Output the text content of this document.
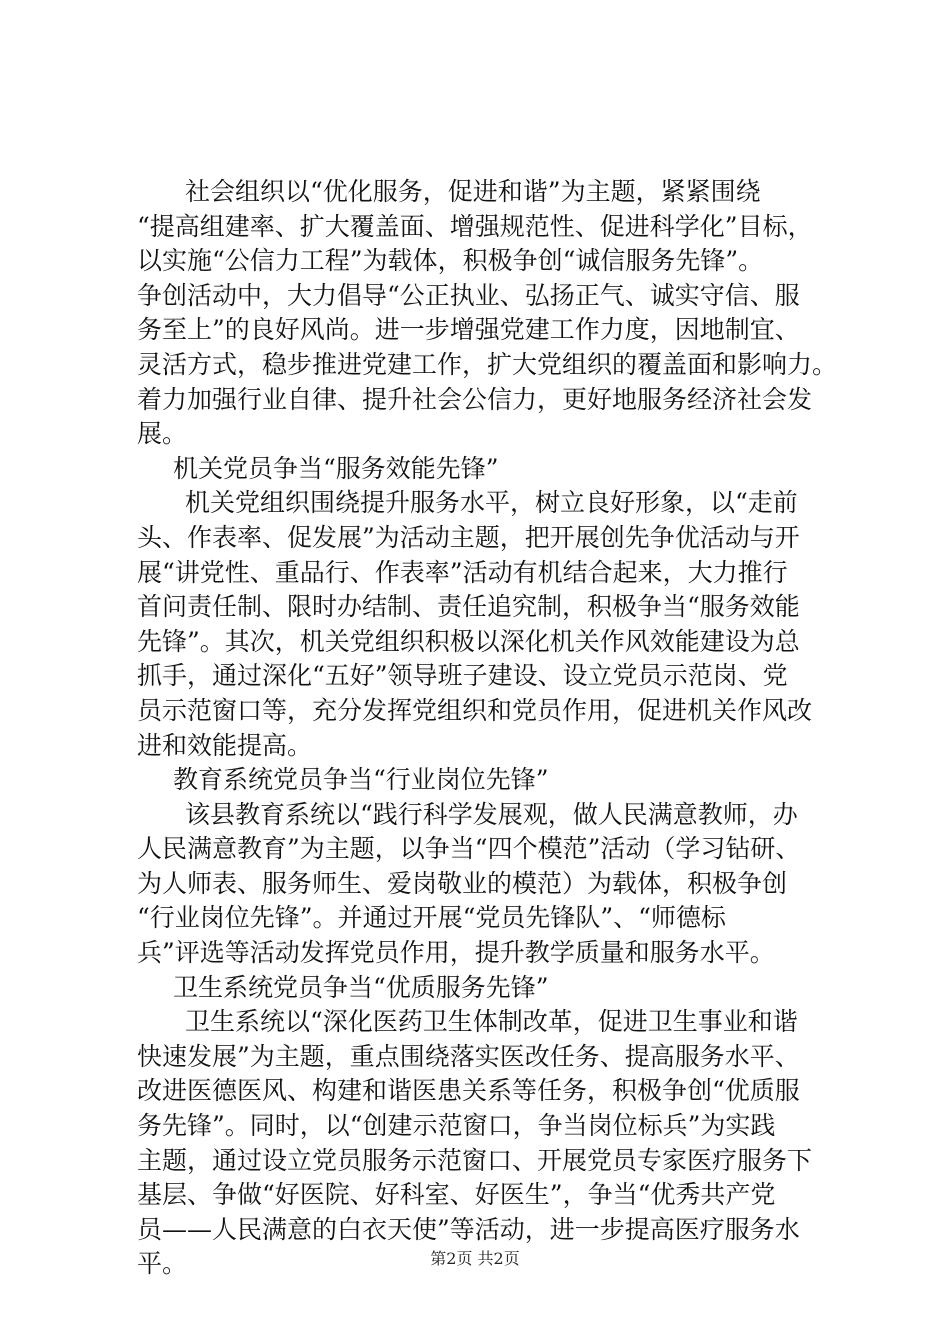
社会组织以“优化服务，促进和谐”为主题，紧紧围绕
“提高组建率、扩大覆盖面、增强规范性、促进科学化”目标，
以实施“公信力工程”为载体，积极争创“诚信服务先锋”。
争创活动中，大力倡导“公正执业、弘扬正气、诚实守信、服
务至上”的良好风尚。进一步增强党建工作力度，因地制宜、
灵活方式，稳步推进党建工作，扩大党组织的覆盖面和影响力。
着力加强行业自律、提升社会公信力，更好地服务经济社会发
展。
机关党员争当“服务效能先锋”
机关党组织围绕提升服务水平，树立良好形象，以“走前
头、作表率、促发展”为活动主题，把开展创先争优活动与开
展“讲党性、重品行、作表率”活动有机结合起来，大力推行
首问责任制、限时办结制、责任追究制，积极争当“服务效能
先锋”。其次，机关党组织积极以深化机关作风效能建设为总
抓手，通过深化“五好”领导班子建设、设立党员示范岗、党
员示范窗口等，充分发挥党组织和党员作用，促进机关作风改
进和效能提高。
教育系统党员争当“行业岗位先锋”
该县教育系统以“践行科学发展观，做人民满意教师，办
人民满意教育”为主题，以争当“四个模范”活动（学习钻研、
为人师表、服务师生、爱岗敬业的模范）为载体，积极争创
“行业岗位先锋”。并通过开展“党员先锋队”、“师德标
兵”评选等活动发挥党员作用，提升教学质量和服务水平。
卫生系统党员争当“优质服务先锋”
卫生系统以“深化医药卫生体制改革，促进卫生事业和谐
快速发展”为主题，重点围绕落实医改任务、提高服务水平、
改进医德医风、构建和谐医患关系等任务，积极争创“优质服
务先锋”。同时，以“创建示范窗口，争当岗位标兵”为实践
主题，通过设立党员服务示范窗口、开展党员专家医疗服务下
基层、争做“好医院、好科室、好医生”，争当“优秀共产党
员——人民满意的白衣天使”等活动，进一步提高医疗服务水
平。	第2页 共2页
